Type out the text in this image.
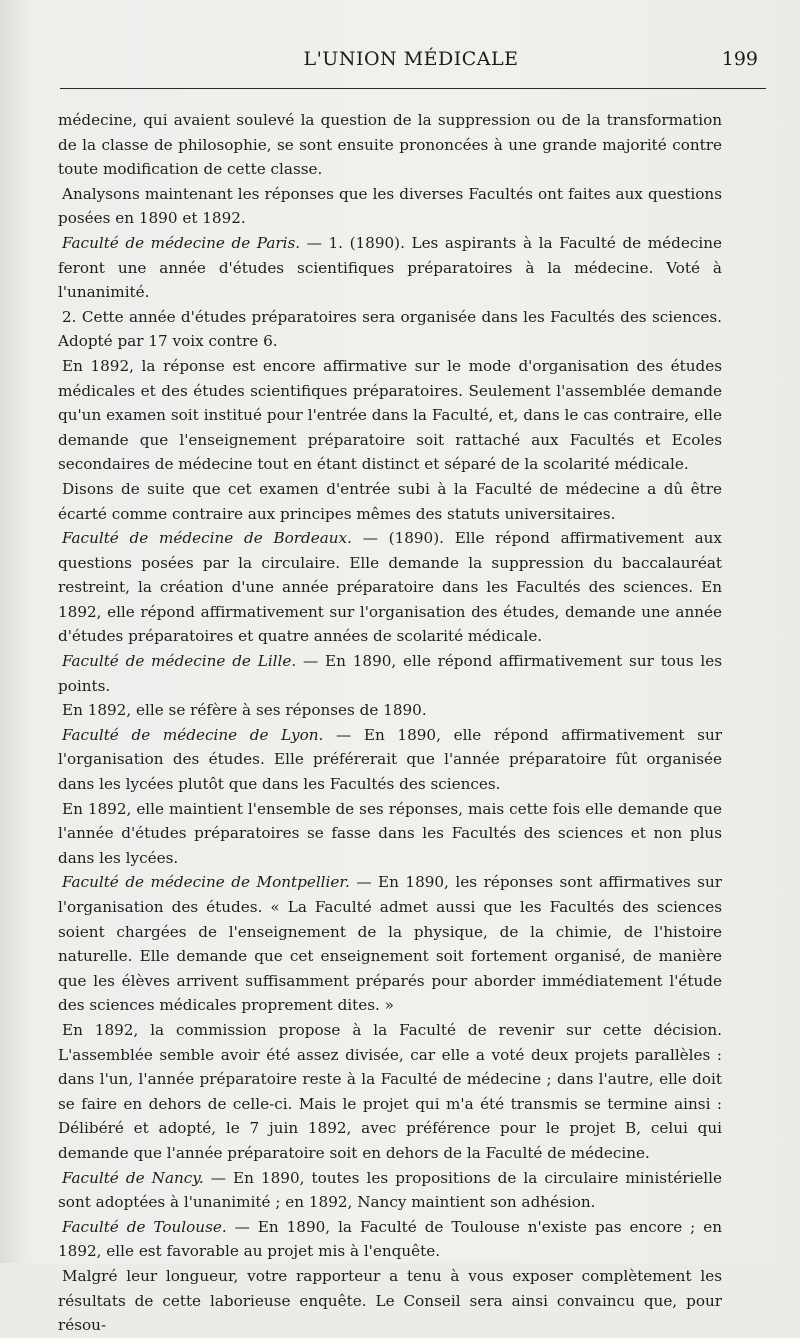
L'UNION MÉDICALE	199

médecine, qui avaient soulevé la question de la suppression ou de la transformation de la classe de philosophie, se sont ensuite prononcées à une grande majorité contre toute modification de cette classe.

Analysons maintenant les réponses que les diverses Facultés ont faites aux questions posées en 1890 et 1892.

Faculté de médecine de Paris. — 1. (1890). Les aspirants à la Faculté de médecine feront une année d'études scientifiques préparatoires à la médecine. Voté à l'unanimité.

2. Cette année d'études préparatoires sera organisée dans les Facultés des sciences. Adopté par 17 voix contre 6.

En 1892, la réponse est encore affirmative sur le mode d'organisation des études médicales et des études scientifiques préparatoires. Seulement l'assemblée demande qu'un examen soit institué pour l'entrée dans la Faculté, et, dans le cas contraire, elle demande que l'enseignement préparatoire soit rattaché aux Facultés et Ecoles secondaires de médecine tout en étant distinct et séparé de la scolarité médicale.

Disons de suite que cet examen d'entrée subi à la Faculté de médecine a dû être écarté comme contraire aux principes mêmes des statuts universitaires.

Faculté de médecine de Bordeaux. — (1890). Elle répond affirmativement aux questions posées par la circulaire. Elle demande la suppression du baccalauréat restreint, la création d'une année préparatoire dans les Facultés des sciences. En 1892, elle répond affirmativement sur l'organisation des études, demande une année d'études préparatoires et quatre années de scolarité médicale.

Faculté de médecine de Lille. — En 1890, elle répond affirmativement sur tous les points.

En 1892, elle se réfère à ses réponses de 1890.

Faculté de médecine de Lyon. — En 1890, elle répond affirmativement sur l'organisation des études. Elle préférerait que l'année préparatoire fût organisée dans les lycées plutôt que dans les Facultés des sciences.

En 1892, elle maintient l'ensemble de ses réponses, mais cette fois elle demande que l'année d'études préparatoires se fasse dans les Facultés des sciences et non plus dans les lycées.

Faculté de médecine de Montpellier. — En 1890, les réponses sont affirmatives sur l'organisation des études. « La Faculté admet aussi que les Facultés des sciences soient chargées de l'enseignement de la physique, de la chimie, de l'histoire naturelle. Elle demande que cet enseignement soit fortement organisé, de manière que les élèves arrivent suffisamment préparés pour aborder immédiatement l'étude des sciences médicales proprement dites. »

En 1892, la commission propose à la Faculté de revenir sur cette décision. L'assemblée semble avoir été assez divisée, car elle a voté deux projets parallèles : dans l'un, l'année préparatoire reste à la Faculté de médecine ; dans l'autre, elle doit se faire en dehors de celle-ci. Mais le projet qui m'a été transmis se termine ainsi : Délibéré et adopté, le 7 juin 1892, avec préférence pour le projet B, celui qui demande que l'année préparatoire soit en dehors de la Faculté de médecine.

Faculté de Nancy. — En 1890, toutes les propositions de la circulaire ministérielle sont adoptées à l'unanimité ; en 1892, Nancy maintient son adhésion.

Faculté de Toulouse. — En 1890, la Faculté de Toulouse n'existe pas encore ; en 1892, elle est favorable au projet mis à l'enquête.

Malgré leur longueur, votre rapporteur a tenu à vous exposer complètement les résultats de cette laborieuse enquête. Le Conseil sera ainsi convaincu que, pour résou-
